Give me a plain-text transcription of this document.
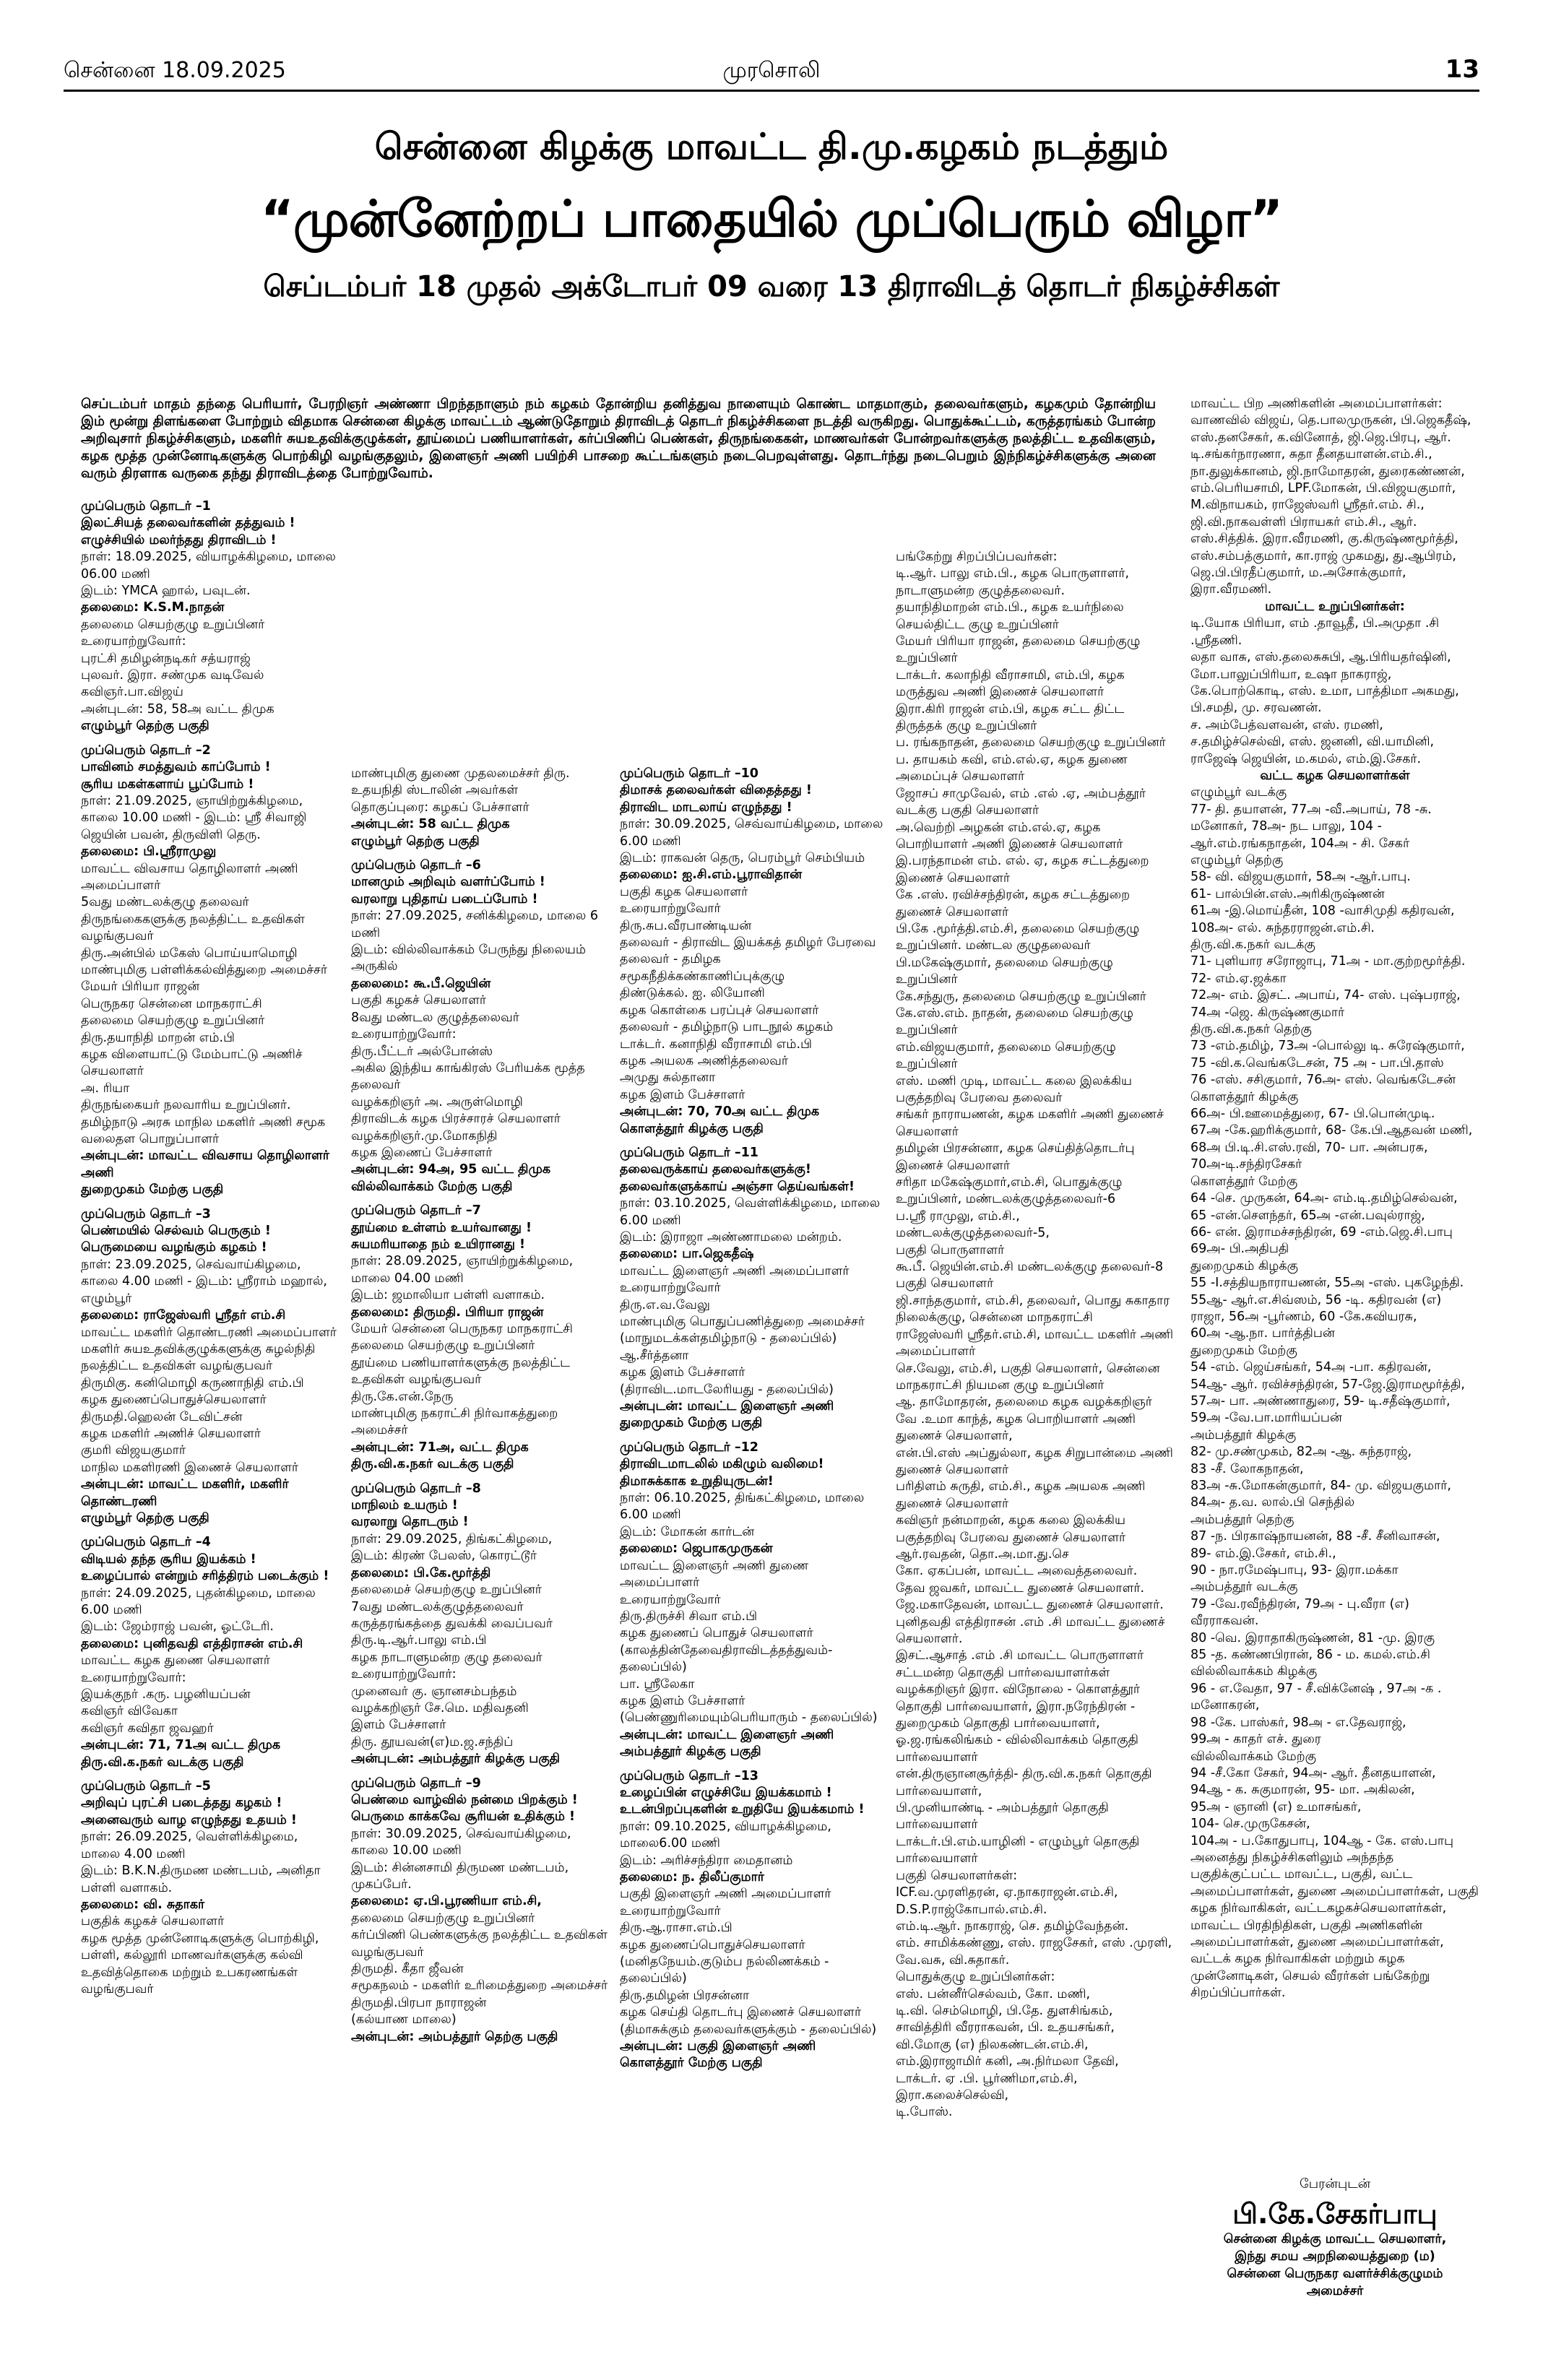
சென்னை 18.09.2025	முரசொலி	13
சென்னை கிழக்கு மாவட்ட தி.மு.கழகம் நடத்தும்
“முன்னேற்றப் பாதையில் முப்பெரும் விழா”
செப்டம்பர் 18 முதல் அக்டோபர் 09 வரை 13 திராவிடத் தொடர் நிகழ்ச்சிகள்
செப்டம்பர் மாதம் தந்தை பெரியார், பேரறிஞர் அண்ணா பிறந்தநாளும் நம் கழகம் தோன்றிய தனித்துவ நாளையும் கொண்ட மாதமாகும், தலைவர்களும், கழகமும் தோன்றிய இம் மூன்று திளங்களை போற்றும் விதமாக சென்னை கிழக்கு மாவட்டம் ஆண்டுதோறும் திராவிடத் தொடர் நிகழ்ச்சிகளை நடத்தி வருகிறது. பொதுக்கூட்டம், கருத்தரங்கம் போன்ற அறிவுசார் நிகழ்ச்சிகளும், மகளிர் சுயஉதவிக்குழுக்கள், தூய்மைப் பணியாளர்கள், கர்ப்பிணிப் பெண்கள், திருநங்கைகள், மாணவர்கள் போன்றவர்களுக்கு நலத்திட்ட உதவிகளும், கழக மூத்த முன்னோடிகளுக்கு பொற்கிழி வழங்குதலும், இளைஞர் அணி பயிற்சி பாசறை கூட்டங்களும் நடைபெறவுள்ளது. தொடர்ந்து நடைபெறும் இந்நிகழ்ச்சிகளுக்கு அனை வரும் திரளாக வருகை தந்து திராவிடத்தை போற்றுவோம்.

முப்பெரும் தொடர் –1

இலட்சியத் தலைவர்களின் தத்துவம் !

எழுச்சியில் மலர்ந்தது திராவிடம் !

நாள்: 18.09.2025, வியாழக்கிழமை, மாலை 06.00 மணி

இடம்: YMCA ஹால், பவுடன்.

தலைமை: K.S.M.நாதன்

தலைமை செயற்குழு உறுப்பினர்

உரையாற்றுவோர்:

புரட்சி தமிழன்நடிகர் சத்யராஜ்

புலவர். இரா. சண்முக வடிவேல்

கவிஞர்.பா.விஜய்

அன்புடன்: 58, 58அ வட்ட திமுக

எழும்பூர் தெற்கு பகுதி

முப்பெரும் தொடர் –2

பாவினம் சமத்துவம் காப்போம் !

சூரிய மகள்களாய் பூப்போம் !

நாள்: 21.09.2025, ஞாயிற்றுக்கிழமை, காலை 10.00 மணி - இடம்: ஸ்ரீ சிவாஜி ஜெயின் பவன், திருவிளி தெரு.

தலைமை: பி.ஸ்ரீராமுலு

மாவட்ட விவசாய தொழிலாளர் அணி அமைப்பாளர்

5வது மண்டலக்குழு தலைவர்

திருநங்கைகளுக்கு நலத்திட்ட உதவிகள் வழங்குபவர்

திரு.அன்பில் மகேஸ் பொய்யாமொழி

மாண்புமிகு பள்ளிக்கல்வித்துறை அமைச்சர்

மேயர் பிரியா ராஜன்

பெருநகர சென்னை மாநகராட்சி

தலைமை செயற்குழு உறுப்பினர்

திரு.தயாநிதி மாறன் எம்.பி

கழக விளையாட்டு மேம்பாட்டு அணிச் செயலாளர்

அ. ரியா

திருநங்கையர் நலவாரிய உறுப்பினர்.

தமிழ்நாடு அரசு மாநில மகளிர் அணி சமூக வலைதள பொறுப்பாளர்

அன்புடன்: மாவட்ட விவசாய தொழிலாளர் அணி

துறைமுகம் மேற்கு பகுதி

முப்பெரும் தொடர் –3

பெண்மயில் செல்வம் பெருகும் !

பெருமையை வழங்கும் கழகம் !

நாள்: 23.09.2025, செவ்வாய்கிழமை, காலை 4.00 மணி - இடம்: ஸ்ரீராம் மஹால், எழும்பூர்

தலைமை: ராஜேஸ்வரி ஸ்ரீதர் எம்.சி

மாவட்ட மகளிர் தொண்டரணி அமைப்பாளர்

மகளிர் சுயஉதவிக்குழுக்களுக்கு சுழல்நிதி நலத்திட்ட உதவிகள் வழங்குபவர்

திருமிகு. கனிமொழி கருணாநிதி எம்.பி

கழக துணைப்பொதுச்செயலாளர்

திருமதி.ஹெலன் டேவிட்சன்

கழக மகளிர் அணிச் செயலாளர்

குமரி விஜயகுமார்

மாநில மகளிரணி இணைச் செயலாளர்

அன்புடன்: மாவட்ட மகளிர், மகளிர் தொண்டரணி

எழும்பூர் தெற்கு பகுதி

முப்பெரும் தொடர் –4

விடியல் தந்த சூரிய இயக்கம் !

உழைப்பால் என்றும் சரித்திரம் படைக்கும் !

நாள்: 24.09.2025, புதன்கிழமை, மாலை 6.00 மணி

இடம்: ஜேம்ராஜ் பவன், ஓட்டேரி.

தலைமை: புனிதவதி எத்திராசன் எம்.சி

மாவட்ட கழக துணை செயலாளர்

உரையாற்றுவோர்:

இயக்குநர் .கரு. பழனியப்பன்

கவிஞர் விவேகா

கவிஞர் கவிதா ஜவஹர்

அன்புடன்: 71, 71அ வட்ட திமுக

திரு.வி.க.நகர் வடக்கு பகுதி

முப்பெரும் தொடர் –5

அறிவுப் புரட்சி படைத்தது கழகம் !

அனைவரும் வாழ எழுந்தது உதயம் !

நாள்: 26.09.2025, வெள்ளிக்கிழமை, மாலை 4.00 மணி

இடம்: B.K.N.திருமண மண்டபம், அனிதா பள்ளி வளாகம்.

தலைமை: வி. சுதாகர்

பகுதிக் கழகச் செயலாளர்

கழக மூத்த முன்னோடிகளுக்கு பொற்கிழி, பள்ளி, கல்லூரி மாணவர்களுக்கு கல்வி உதவித்தொகை மற்றும் உபகரணங்கள் வழங்குபவர்

மாண்புமிகு துணை முதலமைச்சர் திரு. உதயநிதி ஸ்டாலின் அவர்கள்

தொகுப்புரை: கழகப் பேச்சாளர்

அன்புடன்: 58 வட்ட திமுக

எழும்பூர் தெற்கு பகுதி

முப்பெரும் தொடர் –6

மானமும் அறிவும் வளர்ப்போம் !

வரலாறு புதிதாய் படைப்போம் !

நாள்: 27.09.2025, சனிக்கிழமை, மாலை 6 மணி

இடம்: வில்லிவாக்கம் பேருந்து நிலையம் அருகில்

தலைமை: கூ.பீ.ஜெயின்

பகுதி கழகச் செயலாளர்

8வது மண்டல குழுத்தலைவர்

உரையாற்றுவோர்:

திரு.பீட்டர் அல்போன்ஸ்

அகில இந்திய காங்கிரஸ் பேரியக்க மூத்த தலைவர்

வழக்கறிஞர் அ. அருள்மொழி

திராவிடக் கழக பிரச்சாரச் செயலாளர்

வழக்கறிஞர்.மு.மோகநிதி

கழக இணைப் பேச்சாளர்

அன்புடன்: 94அ, 95 வட்ட திமுக

வில்லிவாக்கம் மேற்கு பகுதி

முப்பெரும் தொடர் –7

தூய்மை உள்ளம் உயர்வானது !

சுயமரியாதை நம் உயிரானது !

நாள்: 28.09.2025, ஞாயிற்றுக்கிழமை, மாலை 04.00 மணி

இடம்: ஜமாலியா பள்ளி வளாகம்.

தலைமை: திருமதி. பிரியா ராஜன்

மேயர் சென்னை பெருநகர மாநகராட்சி

தலைமை செயற்குழு உறுப்பினர்

தூய்மை பணியாளர்களுக்கு நலத்திட்ட உதவிகள் வழங்குபவர்

திரு.கே.என்.நேரு

மாண்புமிகு நகராட்சி நிர்வாகத்துறை அமைச்சர்

அன்புடன்: 71அ, வட்ட திமுக

திரு.வி.க.நகர் வடக்கு பகுதி

முப்பெரும் தொடர் –8

மாநிலம் உயரும் !

வரலாறு தொடரும் !

நாள்: 29.09.2025, திங்கட்கிழமை,

இடம்: கிரண் பேலஸ், கொரட்டூர்

தலைமை: பி.கே.மூர்த்தி

தலைமைச் செயற்குழு உறுப்பினர்

7வது மண்டலக்குழுத்தலைவர்

கருத்தரங்கத்தை துவக்கி வைப்பவர்

திரு.டி.ஆர்.பாலு எம்.பி

கழக நாடாளுமன்ற குழு தலைவர்

உரையாற்றுவோர்:

முனைவர் கு. ஞானசம்பந்தம்

வழக்கறிஞர் சே.மெ. மதிவதனி

இளம் பேச்சாளர்

திரு. தூயவன்(எ)ம.ஜ.சந்திப்

அன்புடன்: அம்பத்தூர் கிழக்கு பகுதி

முப்பெரும் தொடர் –9

பெண்மை வாழ்வில் நன்மை பிறக்கும் !

பெருமை காக்கவே சூரியன் உதிக்கும் !

நாள்: 30.09.2025, செவ்வாய்கிழமை, காலை 10.00 மணி

இடம்: சின்னசாமி திருமண மண்டபம், முகப்பேர்.

தலைமை: ஏ.பி.பூரணியா எம்.சி,

தலைமை செயற்குழு உறுப்பினர்

கர்ப்பிணி பெண்களுக்கு நலத்திட்ட உதவிகள் வழங்குபவர்

திருமதி. கீதா ஜீவன்

சமூகநலம் - மகளிர் உரிமைத்துறை அமைச்சர்

திருமதி.பிரபா நாராஜன்

(கல்யாண மாலை)

அன்புடன்: அம்பத்தூர் தெற்கு பகுதி

முப்பெரும் தொடர் –10

திமாசக் தலைவர்கள் விதைத்தது !

திராவிட மாடலாய் எழுந்தது !

நாள்: 30.09.2025, செவ்வாய்கிழமை, மாலை 6.00 மணி

இடம்: ராகவன் தெரு, பெரம்பூர் செம்பியம்

தலைமை: ஐ.சி.எம்.பூராவிதான்

பகுதி கழக செயலாளர்

உரையாற்றுவோர்

திரு.சுப.வீரபாண்டியன்

தலைவர் - திராவிட இயக்கத் தமிழர் பேரவை

தலைவர் - தமிழக சமூகநீதிக்கண்காணிப்புக்குழு

திண்டுக்கல். ஐ. லியோனி

கழக கொள்கை பரப்புச் செயலாளர்

தலைவர் - தமிழ்நாடு பாடநூல் கழகம்

டாக்டர். கனாநிதி வீராசாமி எம்.பி

கழக அயலக அணித்தலைவர்

அமுது சுல்தானா

கழக இளம் பேச்சாளர்

அன்புடன்: 70, 70அ வட்ட திமுக

கொளத்தூர் கிழக்கு பகுதி

முப்பெரும் தொடர் –11

தலைவருக்காய் தலைவர்களுக்கு!

தலைவர்களுக்காய் அஞ்சா தெய்வங்கள்!

நாள்: 03.10.2025, வெள்ளிக்கிழமை, மாலை 6.00 மணி

இடம்: இராஜா அண்ணாமலை மன்றம்.

தலைமை: பா.ஜெகதீஷ்

மாவட்ட இளைஞர் அணி அமைப்பாளர்

உரையாற்றுவோர்

திரு.எ.வ.வேலு

மாண்புமிகு பொதுப்பணித்துறை அமைச்சர்

(மாநுமடக்கள்தமிழ்நாடு - தலைப்பில்)

ஆ.சீர்த்தனா

கழக இளம் பேச்சாளர்

(திராவிட.மாடலேரியது - தலைப்பில்)

அன்புடன்: மாவட்ட இளைஞர் அணி

துறைமுகம் மேற்கு பகுதி

முப்பெரும் தொடர் –12

திராவிடமாடலில் மகிழும் வலிமை!

திமாசுக்காக உறுதியுருடன்!

நாள்: 06.10.2025, திங்கட்கிழமை, மாலை 6.00 மணி

இடம்: மோகன் கார்டன்

தலைமை: ஜெபாகமுருகன்

மாவட்ட இளைஞர் அணி துணை அமைப்பாளர்

உரையாற்றுவோர்

திரு.திருச்சி சிவா எம்.பி

கழக துணைப் பொதுச் செயலாளர்

(காலத்தின்தேவைதிராவிடத்தத்துவம்- தலைப்பில்)

பா. ஸ்ரீலேகா

கழக இளம் பேச்சாளர்

(பெண்ணுரிமையும்பெரியாரும் - தலைப்பில்)

அன்புடன்: மாவட்ட இளைஞர் அணி

அம்பத்தூர் கிழக்கு பகுதி

முப்பெரும் தொடர் –13

உழைப்பின் எழுச்சியே இயக்கமாம் !

உடன்பிறப்புகளின் உறுதியே இயக்கமாம் !

நாள்: 09.10.2025, வியாழக்கிழமை, மாலை6.00 மணி

இடம்: அரிச்சந்திரா மைதானம்

தலைமை: ந. திலீப்குமார்

பகுதி இளைஞர் அணி அமைப்பாளர்

உரையாற்றுவோர்

திரு.ஆ.ராசா.எம்.பி

கழக துணைப்பொதுச்செயலாளர்

(மனிதநேயம்.குடும்ப நல்லிணக்கம் - தலைப்பில்)

திரு.தமிழன் பிரசன்னா

கழக செய்தி தொடர்பு இணைச் செயலாளர்

(திமாசுக்கும் தலைவர்களுக்கும் - தலைப்பில்)

அன்புடன்: பகுதி இளைஞர் அணி

கொளத்தூர் மேற்கு பகுதி

பங்கேற்று சிறப்பிப்பவர்கள்:

டி.ஆர். பாலு எம்.பி., கழக பொருளாளர், நாடாளுமன்ற குழுத்தலைவர்.

தயாநிதிமாறன் எம்.பி., கழக உயர்நிலை செயல்திட்ட குழு உறுப்பினர்

மேயர் பிரியா ராஜன், தலைமை செயற்குழு உறுப்பினர்

டாக்டர். கலாநிதி வீராசாமி, எம்.பி, கழக மருத்துவ அணி இணைச் செயலாளர்

இரா.கிரி ராஜன் எம்.பி, கழக சட்ட திட்ட திருத்தக் குழு உறுப்பினர்

ப. ரங்கநாதன், தலைமை செயற்குழு உறுப்பினர்

ப. தாயகம் கவி, எம்.எல்.ஏ, கழக துணை அமைப்புச் செயலாளர்

ஜோசப் சாமுவேல், எம் .எல் .ஏ, அம்பத்தூர் வடக்கு பகுதி செயலாளர்

அ.வெற்றி அழகன் எம்.எல்.ஏ, கழக பொறியாளர் அணி இணைச் செயலாளர்

இ.பரந்தாமன் எம். எல். ஏ, கழக சட்டத்துறை இணைச் செயலாளர்

கே .எஸ். ரவிச்சந்திரன், கழக சட்டத்துறை துணைச் செயலாளர்

பி.கே .மூர்த்தி.எம்.சி, தலைமை செயற்குழு உறுப்பினர். மண்டல குழுதலைவர்

பி.மகேஷ்குமார், தலைமை செயற்குழு உறுப்பினர்

கே.சந்துரு, தலைமை செயற்குழு உறுப்பினர்

கே.எஸ்.எம். நாதன், தலைமை செயற்குழு உறுப்பினர்

எம்.விஜயகுமார், தலைமை செயற்குழு உறுப்பினர்

எஸ். மணி முடி, மாவட்ட கலை இலக்கிய பகுத்தறிவு பேரவை தலைவர்

சங்கர் நாராயணன், கழக மகளிர் அணி துணைச் செயலாளர்

தமிழன் பிரசன்னா, கழக செய்தித்தொடர்பு இணைச் செயலாளர்

சரிதா மகேஷ்குமார்,எம்.சி, பொதுக்குழு உறுப்பினர், மண்டலக்குழுத்தலைவர்-6

ப.ஸ்ரீ ராமுலு, எம்.சி., மண்டலக்குழுத்தலைவர்-5,

பகுதி பொருளாளர்

கூ.பீ. ஜெயின்.எம்.சி மண்டலக்குழு தலைவர்-8

பகுதி செயலாளர்

ஜி.சாந்தகுமார், எம்.சி, தலைவர், பொது சுகாதார நிலைக்குழு, சென்னை மாநகராட்சி

ராஜேஸ்வரி ஸ்ரீதர்.எம்.சி, மாவட்ட மகளிர் அணி அமைப்பாளர்

செ.வேலு, எம்.சி, பகுதி செயலாளர், சென்னை மாநகராட்சி நியமன குழு உறுப்பினர்

ஆ. தாமோதரன், தலைமை கழக வழக்கறிஞர்

வே .உமா காந்த், கழக பொறியாளர் அணி துணைச் செயலாளர்,

என்.பி.எஸ் அப்துல்லா, கழக சிறுபான்மை அணி துணைச் செயலாளர்

பரிதிளம் சுருதி, எம்.சி., கழக அயலக அணி துணைச் செயலாளர்

கவிஞர் நன்மாறன், கழக கலை இலக்கிய பகுத்தறிவு பேரவை துணைச் செயலாளர்

ஆர்.ரவதன், தொ.அ.மா.து.செ

கோ. ஏகப்பன், மாவட்ட அவைத்தலைவர்.

தேவ ஜவகர், மாவட்ட துணைச் செயலாளர்.

ஜே.மகாதேவன், மாவட்ட துணைச் செயலாளர்.

புனிதவதி எத்திராசன் .எம் .சி மாவட்ட துணைச் செயலாளர்.

இசட்.ஆசாத் .எம் .சி மாவட்ட பொருளாளர்

சட்டமன்ற தொகுதி பார்வையாளர்கள்

வழக்கறிஞர் இரா. விநோலை - கொளத்தூர் தொகுதி பார்வையாளர், இரா.நரேந்திரன் - துறைமுகம் தொகுதி பார்வையாளர், ஓ.ஜ.ரங்கலிங்கம் - வில்லிவாக்கம் தொகுதி பார்வையாளர்

என்.திருஞானசூர்த்தி- திரு.வி.க.நகர் தொகுதி பார்வையாளர்,

பி.முனியாண்டி - அம்பத்தூர் தொகுதி பார்வையாளர்

டாக்டர்.பி.எம்.யாழினி - எழும்பூர் தொகுதி பார்வையாளர்

பகுதி செயலாளர்கள்:

ICF.வ.முரளிதரன், ஏ.நாகராஜன்.எம்.சி, D.S.P.ராஜ்கோபால்.எம்.சி.

எம்.டி.ஆர். நாகராஜ், செ. தமிழ்வேந்தன்.

எம். சாமிக்கண்ணு, எஸ். ராஜசேகர், எஸ் .முரளி,

வே.வசு, வி.சுதாகர்.

பொதுக்குழு உறுப்பினர்கள்:

எஸ். பன்னீர்செல்வம், கோ. மணி,

டி.வி. செம்மொழி, பி.தே. துளசிங்கம்,

சாவித்திரி வீரராகவன், பி. உதயசங்கர்,

வி.மோகு (எ) நிலகண்டன்.எம்.சி,

எம்.இராஜாமிர் கனி, அ.நிர்மலா தேவி,

டாக்டர். ஏ .பி. பூர்ணிமா,எம்.சி, இரா.கலைச்செல்வி,

டி.போஸ்.

மாவட்ட பிற அணிகளின் அமைப்பாளர்கள்:

வாணவில் விஜய், தெ.பாலமுருகன், பி.ஜெகதீஷ், எஸ்.தனசேகர், க.வினோத், ஜி.ஜெ.பிரபு, ஆர். டி.சங்கர்நாரணா, சுதா தீனதயாளன்.எம்.சி., நா.துலுக்கானம், ஜி.நாமோதரன், துரைகண்ணன், எம்.பெரியசாமி, LPF.மோகன், பி.விஜயகுமார், M.விநாயகம், ராஜேஸ்வரி ஸ்ரீதர்.எம். சி., ஜி.வி.நாகவள்ளி பிராயகர் எம்.சி., ஆர். எஸ்.சித்திக். இரா.வீரமணி, கு.கிருஷ்ணமூர்த்தி, எஸ்.சம்பத்குமார், கா.ராஜ் முகமது, து.ஆபிரம், ஜெ.பி.பிரதீப்குமார், ம.அசோக்குமார், இரா.வீரமணி.

மாவட்ட உறுப்பினர்கள்:

டி.யோக பிரியா, எம் .தாவூதீ, பி.அமுதா .சி .ஸ்ரீதணி.

லதா வாசு, எஸ்.தலைசுசுபி, ஆ.பிரியதர்ஷினி, மோ.பாலுப்பிரியா, உஷா நாகராஜ், கே.பொற்கொடி, எஸ். உமா, பாத்திமா அகமது, பி.சமதி, மு. சரவணன்.

ச. அம்பேத்வளவன், எஸ். ரமணி, ச.தமிழ்ச்செல்வி, எஸ். ஜனனி, வி.யாமினி, ராஜேஷ் ஜெயின், ம.கமல், எம்.இ.சேகர்.

வட்ட கழக செயலாளர்கள்

எழும்பூர் வடக்கு

77- தி. தயாளன், 77அ -வீ.அபாய், 78 -சு. மனோகர், 78அ- நட பாலு, 104 - ஆர்.எம்.ரங்கநாதன், 104அ - சி. சேகர்

எழும்பூர் தெற்கு

58- வி. விஜயகுமார், 58அ -ஆர்.பாபு.

61- பால்பின்.எஸ்.அரிகிருஷ்ணன்

61அ -இ.மொய்தீன், 108 -வாசிமுதி கதிரவன், 108அ- எல். சுந்தரராஜன்.எம்.சி.

திரு.வி.க.நகர் வடக்கு

71- புளியார சரோஜாபு, 71அ - மா.குற்றமூர்த்தி.

72- எம்.ஏ.ஜக்கா

72அ- எம். இசட். அபாய், 74- எஸ். புஷ்பராஜ்,

74அ -ஜெ. கிருஷ்ணகுமார்

திரு.வி.க.நகர் தெற்கு

73 -எம்.தமிழ், 73அ -பொல்லு டி. சுரேஷ்குமார்,

75 -வி.க.வெங்கடேசன், 75 அ - பா.பி.தாஸ்

76 -எஸ். சசிகுமார், 76அ- எஸ். வெங்கடேசன்

கொளத்தூர் கிழக்கு

66அ- பி.ஊமைத்துரை, 67- பி.பொன்முடி.

67அ -கே.ஹரிக்குமார், 68- கே.பி.ஆதவன் மணி,

68அ பி.டி.சி.எஸ்.ரவி, 70- பா. அன்பரசு,

70அ-டி.சந்திரசேகர்

கொளத்தூர் மேற்கு

64 -செ. முருகன், 64அ- எம்.டி.தமிழ்செல்வன்,

65 -என்.சௌந்தர், 65அ -என்.பவுல்ராஜ்,

66- என். இராமச்சந்திரன், 69 -எம்.ஜெ.சி.பாபு

69அ- பி.அதிபதி

துறைமுகம் கிழக்கு

55 -I.சத்தியநாராயணன், 55அ -எஸ். புகழேந்தி.

55ஆ- ஆர்.எ.சிவ்ஸம், 56 -டி. கதிரவன் (எ) ராஜா, 56அ -பூர்ணம், 60 -கே.கவியரசு,

60அ -ஆ.நா. பார்த்திபன்

துறைமுகம் மேற்கு

54 -எம். ஜெய்சங்கர், 54அ -பா. கதிரவன்,

54ஆ- ஆர். ரவிச்சந்திரன், 57-ஜே.இராமமூர்த்தி,

57அ- பா. அண்ணாதுரை, 59- டி.சதீஷ்குமார்,

59அ -வே.பா.மாரியப்பன்

அம்பத்தூர் கிழக்கு

82- மு.சண்முகம், 82அ -ஆ. சுந்தராஜ்,

83 -சீ. லோகநாதன்,

83அ -சு.மோகன்குமார், 84- மு. விஜயகுமார்,

84அ- த.வ. லால்.பி செந்தில்

அம்பத்தூர் தெற்கு

87 -ந. பிரகாஷ்நாயனன், 88 -சீ. சீனிவாசன்,

89- எம்.இ.சேகர், எம்.சி.,

90 - நா.ரமேஷ்பாபு, 93- இரா.மக்கா

அம்பத்தூர் வடக்கு

79 -வே.ரவீந்திரன், 79அ - பு.வீரா (எ) வீரராகவன்.

80 -வெ. இராதாகிருஷ்ணன், 81 -மு. இரகு

85 -த. கண்ணபிரான், 86 - ம. கமல்.எம்.சி

வில்லிவாக்கம் கிழக்கு

96 - எ.வேதா, 97 - சீ.விக்னேஷ் , 97அ -க . மனோகரன்,

98 -கே. பாஸ்கர், 98அ - எ.தேவராஜ்,

99அ - காதர் எச். துரை

வில்லிவாக்கம் மேற்கு

94 -சீ.கோ சேகர், 94அ- ஆர். தீனதயாளன்,

94ஆ - க. சுகுமாரன், 95- மா. அகிலன்,

95அ - ஞானி (எ) உமாசங்கர்,

104- செ.முருகேசன்,

104அ - ப.கோதுபாபு, 104ஆ - கே. எஸ்.பாபு

அனைத்து நிகழ்ச்சிகளிலும் அந்தந்த பகுதிக்குட்பட்ட மாவட்ட, பகுதி, வட்ட அமைப்பாளர்கள், துணை அமைப்பாளர்கள், பகுதி கழக நிர்வாகிகள், வட்டகழகச்செயலாளர்கள், மாவட்ட பிரதிநிதிகள், பகுதி அணிகளின் அமைப்பாளர்கள், துணை அமைப்பாளர்கள், வட்டக் கழக நிர்வாகிகள் மற்றும் கழக முன்னோடிகள், செயல் வீரர்கள் பங்கேற்று சிறப்பிப்பார்கள்.

பேரன்புடன்
பி.கே.சேகர்பாபு
சென்னை கிழக்கு மாவட்ட செயலாளர்,
இந்து சமய அறநிலையத்துறை (ம)
சென்னை பெருநகர வளர்ச்சிக்குழுமம்
அமைச்சர்
